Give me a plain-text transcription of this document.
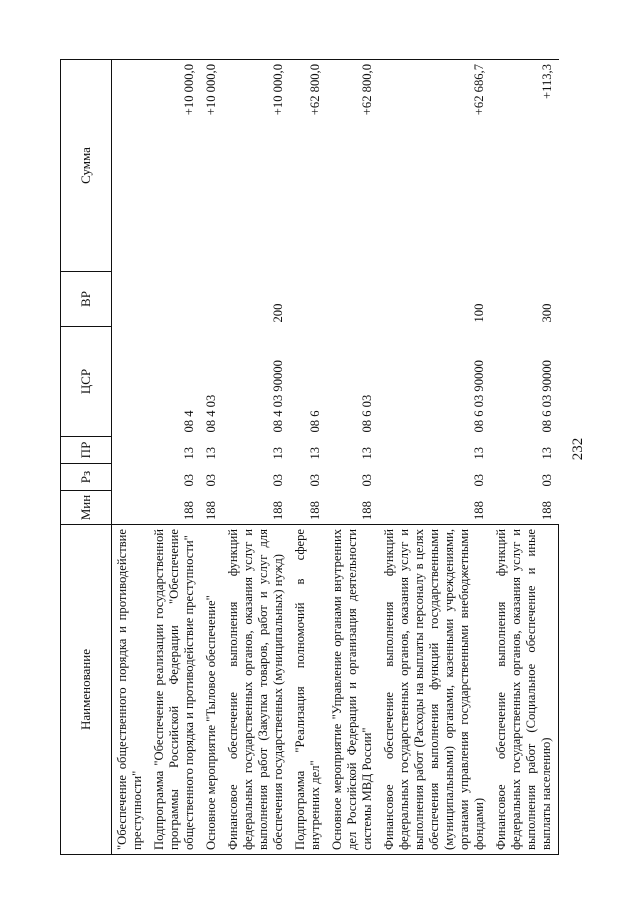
232
Наименование	Мин	Рз	ПР	ЦСР	ВР	Сумма
"Обеспечение общественного порядка и противодействие преступности"						
Подпрограмма "Обеспечение реализации государственной программы Российской Федерации "Обеспечение общественного порядка и противодействие преступности"	188	03	13	08 4		+10 000,0
Основное мероприятие "Тыловое обеспечение"	188	03	13	08 4 03		+10 000,0
Финансовое обеспечение выполнения функций федеральных государственных органов, оказания услуг и выполнения работ (Закупка товаров, работ и услуг для обеспечения государственных (муниципальных) нужд)	188	03	13	08 4 03 90000	200	+10 000,0
Подпрограмма "Реализация полномочий в сфере внутренних дел"	188	03	13	08 6		+62 800,0
Основное мероприятие "Управление органами внутренних дел Российской Федерации и организация деятельности системы МВД России"	188	03	13	08 6 03		+62 800,0
Финансовое обеспечение выполнения функций федеральных государственных органов, оказания услуг и выполнения работ (Расходы на выплаты персоналу в целях обеспечения выполнения функций государственными (муниципальными) органами, казенными учреждениями, органами управления государственными внебюджетными фондами)	188	03	13	08 6 03 90000	100	+62 686,7
Финансовое обеспечение выполнения функций федеральных государственных органов, оказания услуг и выполнения работ (Социальное обеспечение и иные выплаты населению)	188	03	13	08 6 03 90000	300	+113,3
